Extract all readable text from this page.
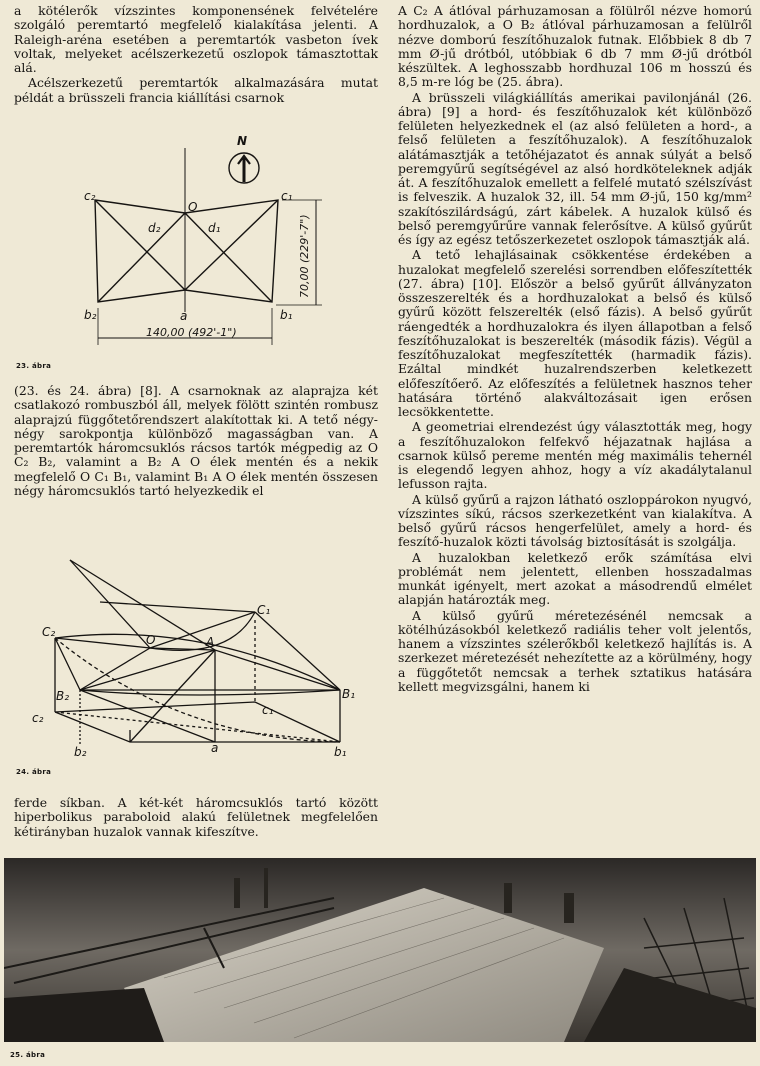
a kötélerők vízszintes komponensének felvételére szolgáló peremtartó megfelelő kialakítása jelenti. A Raleigh-aréna esetében a peremtartók vasbeton ívek voltak, melyeket acélszerkezetű oszlopok támasztottak alá.

Acélszerkezetű peremtartók alkalmazására mutat példát a brüsszeli francia kiállítási csarnok

N
c₂	c₁
O
d₂	d₁
b₂	b₁
a
140,00 (492'-1")
70,00 (229'-7")
23. ábra

(23. és 24. ábra) [8]. A csarnoknak az alaprajza két csatlakozó rombuszból áll, melyek fölött szintén rombusz alaprajzú függőtetőrendszert alakítottak ki. A tető négy-négy sarokpontja különböző magasságban van. A peremtartók háromcsuklós rácsos tartók mégpedig az O C₂ B₂, valamint a B₂ A O élek mentén és a nekik megfelelő O C₁ B₁, valamint B₁ A O élek mentén összesen négy háromcsuklós tartó helyezkedik el

C₂
C₁
O	A
B₂	B₁
c₂
c₁
b₂	b₁
a
24. ábra

ferde síkban. A két-két háromcsuklós tartó között hiperbolikus paraboloid alakú felületnek megfelelően kétirányban huzalok vannak kifeszítve.

A C₂ A átlóval párhuzamosan a fölülről nézve homorú hordhuzalok, a O B₂ átlóval párhuzamosan a felülről nézve domború feszítőhuzalok futnak. Előbbiek 8 db 7 mm Ø-jű drótból, utóbbiak 6 db 7 mm Ø-jű drótból készültek. A leghosszabb hordhuzal 106 m hosszú és 8,5 m-re lóg be (25. ábra).

A brüsszeli világkiállítás amerikai pavilonjánál (26. ábra) [9] a hord- és feszítőhuzalok két különböző felületen helyezkednek el (az alsó felületen a hord-, a felső felületen a feszítőhuzalok). A feszítőhuzalok alátámasztják a tetőhéjazatot és annak súlyát a belső peremgyűrű segítségével az alsó hordköteleknek adják át. A feszítőhuzalok emellett a felfelé mutató szélszívást is felveszik. A huzalok 32, ill. 54 mm Ø-jű, 150 kg/mm² szakítószilárdságú, zárt kábelek. A huzalok külső és belső peremgyűrűre vannak felerősítve. A külső gyűrűt és így az egész tetőszerkezetet oszlopok támasztják alá.

A tető lehajlásainak csökkentése érdekében a huzalokat megfelelő szerelési sorrendben előfeszítették (27. ábra) [10]. Először a belső gyűrűt állványzaton összeszerelték és a hordhuzalokat a belső és külső gyűrű között felszerelték (első fázis). A belső gyűrűt ráengedték a hordhuzalokra és ilyen állapotban a felső feszítőhuzalokat is beszerelték (második fázis). Végül a feszítőhuzalokat megfeszítették (harmadik fázis). Ezáltal mindkét huzalrendszerben keletkezett előfeszítőerő. Az előfeszítés a felületnek hasznos teher hatására történő alakváltozásait igen erősen lecsökkentette.

A geometriai elrendezést úgy választották meg, hogy a feszítőhuzalokon felfekvő héjazatnak hajlása a csarnok külső pereme mentén még maximális tehernél is elegendő legyen ahhoz, hogy a víz akadálytalanul lefusson rajta.

A külső gyűrű a rajzon látható oszloppárokon nyugvó, vízszintes síkú, rácsos szerkezetként van kialakítva. A belső gyűrű rácsos hengerfelület, amely a hord- és feszítő-huzalok közti távolság biztosítását is szolgálja.

A huzalokban keletkező erők számítása elvi problémát nem jelentett, ellenben hosszadalmas munkát igényelt, mert azokat a másodrendű elmélet alapján határozták meg.

A külső gyűrű méretezésénél nemcsak a kötélhúzásokból keletkező radiális teher volt jelentős, hanem a vízszintes szélerőkből keletkező hajlítás is. A szerkezet méretezését nehezítette az a körülmény, hogy a függőtetőt nemcsak a terhek sztatikus hatására kellett megvizsgálni, hanem ki

25. ábra
